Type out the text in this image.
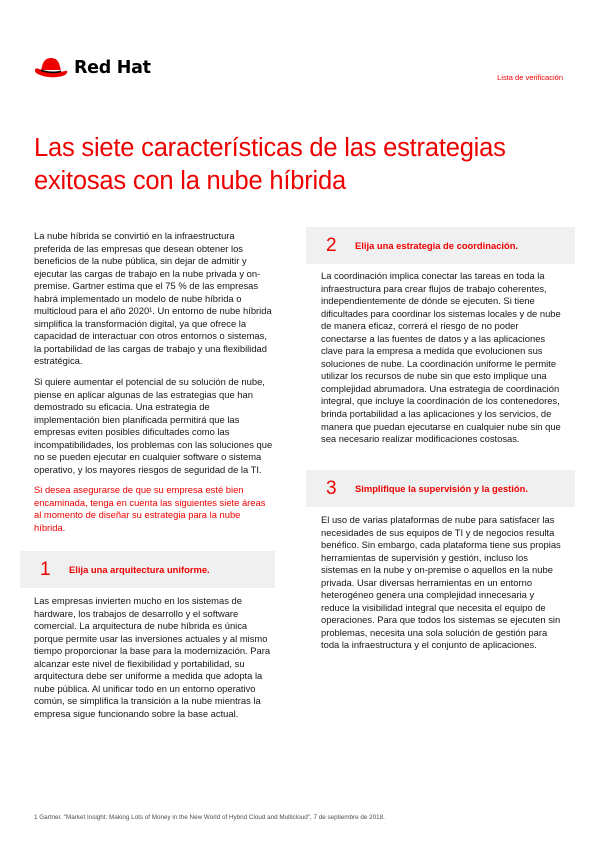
Red Hat	Lista de verificación
Las siete características de las estrategias exitosas con la nube híbrida

La nube híbrida se convirtió en la infraestructura preferida de las empresas que desean obtener los beneficios de la nube pública, sin dejar de admitir y ejecutar las cargas de trabajo en la nube privada y on-premise. Gartner estima que el 75 % de las empresas habrá implementado un modelo de nube híbrida o multicloud para el año 2020¹. Un entorno de nube híbrida simplifica la transformación digital, ya que ofrece la capacidad de interactuar con otros entornos o sistemas, la portabilidad de las cargas de trabajo y una flexibilidad estratégica.

Si quiere aumentar el potencial de su solución de nube, piense en aplicar algunas de las estrategias que han demostrado su eficacia. Una estrategia de implementación bien planificada permitirá que las empresas eviten posibles dificultades como las incompatibilidades, los problemas con las soluciones que no se pueden ejecutar en cualquier software o sistema operativo, y los mayores riesgos de seguridad de la TI.

Si desea asegurarse de que su empresa esté bien encaminada, tenga en cuenta las siguientes siete áreas al momento de diseñar su estrategia para la nube híbrida.

1	Elija una arquitectura uniforme.

Las empresas invierten mucho en los sistemas de hardware, los trabajos de desarrollo y el software comercial. La arquitectura de nube híbrida es única porque permite usar las inversiones actuales y al mismo tiempo proporcionar la base para la modernización. Para alcanzar este nivel de flexibilidad y portabilidad, su arquitectura debe ser uniforme a medida que adopta la nube pública. Al unificar todo en un entorno operativo común, se simplifica la transición a la nube mientras la empresa sigue funcionando sobre la base actual.

2	Elija una estrategia de coordinación.

La coordinación implica conectar las tareas en toda la infraestructura para crear flujos de trabajo coherentes, independientemente de dónde se ejecuten. Si tiene dificultades para coordinar los sistemas locales y de nube de manera eficaz, correrá el riesgo de no poder conectarse a las fuentes de datos y a las aplicaciones clave para la empresa a medida que evolucionen sus soluciones de nube. La coordinación uniforme le permite utilizar los recursos de nube sin que esto implique una complejidad abrumadora. Una estrategia de coordinación integral, que incluye la coordinación de los contenedores, brinda portabilidad a las aplicaciones y los servicios, de manera que puedan ejecutarse en cualquier nube sin que sea necesario realizar modificaciones costosas.

3	Simplifique la supervisión y la gestión.

El uso de varias plataformas de nube para satisfacer las necesidades de sus equipos de TI y de negocios resulta benéfico. Sin embargo, cada plataforma tiene sus propias herramientas de supervisión y gestión, incluso los sistemas en la nube y on-premise o aquellos en la nube privada. Usar diversas herramientas en un entorno heterogéneo genera una complejidad innecesaria y reduce la visibilidad integral que necesita el equipo de operaciones. Para que todos los sistemas se ejecuten sin problemas, necesita una sola solución de gestión para toda la infraestructura y el conjunto de aplicaciones.

1 Gartner. "Market Insight: Making Lots of Money in the New World of Hybrid Cloud and Multicloud", 7 de septiembre de 2018.
